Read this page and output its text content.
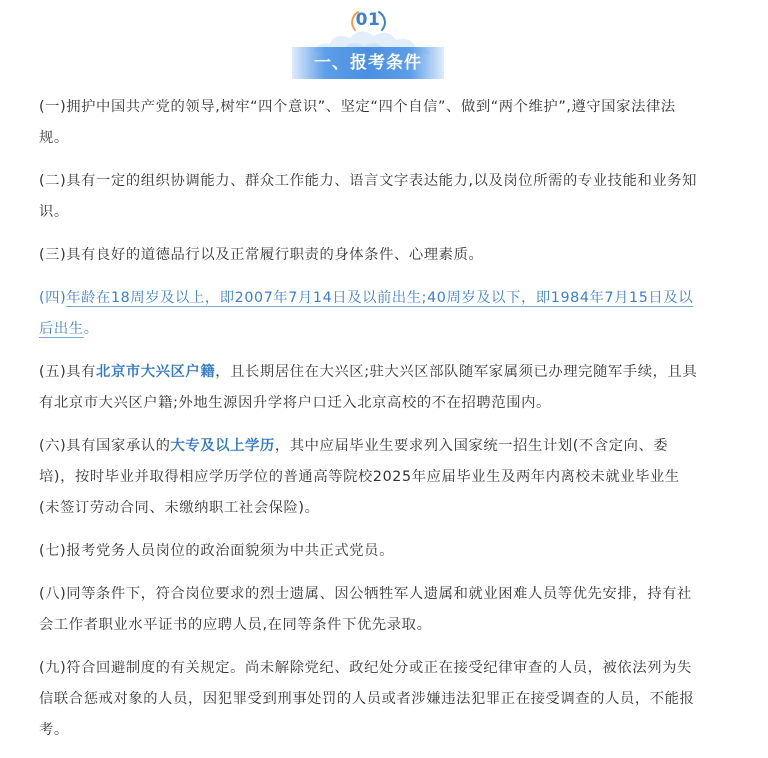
01
一、报考条件

(一)拥护中国共产党的领导,树牢“四个意识”、坚定“四个自信”、做到“两个维护”,遵守国家法律法规。

(二)具有一定的组织协调能力、群众工作能力、语言文字表达能力,以及岗位所需的专业技能和业务知识。

(三)具有良好的道德品行以及正常履行职责的身体条件、心理素质。

(四)年龄在18周岁及以上，即2007年7月14日及以前出生;40周岁及以下，即1984年7月15日及以后出生。

(五)具有北京市大兴区户籍，且长期居住在大兴区;驻大兴区部队随军家属须已办理完随军手续，且具有北京市大兴区户籍;外地生源因升学将户口迁入北京高校的不在招聘范围内。

(六)具有国家承认的大专及以上学历，其中应届毕业生要求列入国家统一招生计划(不含定向、委培)，按时毕业并取得相应学历学位的普通高等院校2025年应届毕业生及两年内离校未就业毕业生(未签订劳动合同、未缴纳职工社会保险)。

(七)报考党务人员岗位的政治面貌须为中共正式党员。

(八)同等条件下，符合岗位要求的烈士遗属、因公牺牲军人遗属和就业困难人员等优先安排，持有社会工作者职业水平证书的应聘人员,在同等条件下优先录取。

(九)符合回避制度的有关规定。尚未解除党纪、政纪处分或正在接受纪律审查的人员，被依法列为失信联合惩戒对象的人员，因犯罪受到刑事处罚的人员或者涉嫌违法犯罪正在接受调查的人员，不能报考。
